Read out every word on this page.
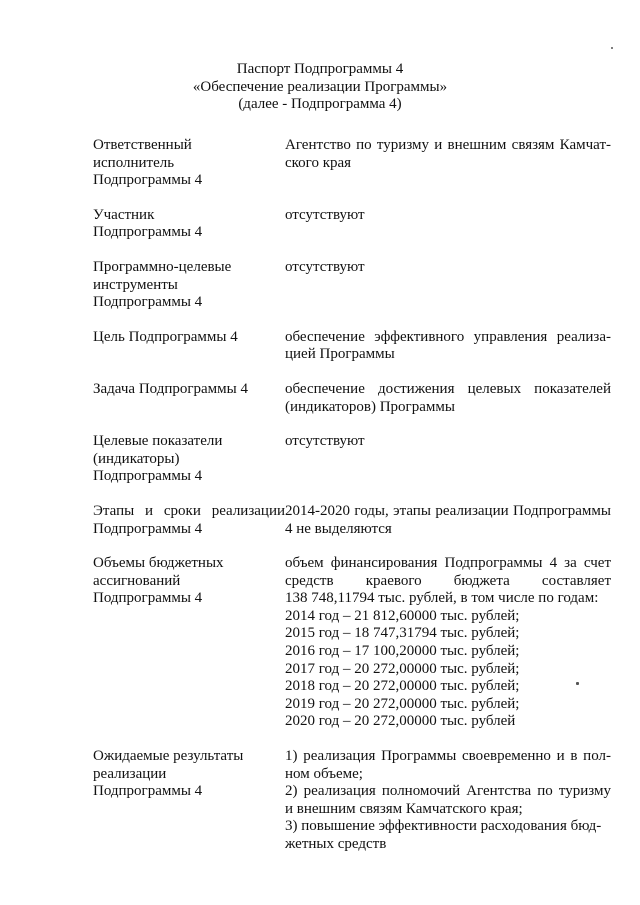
Паспорт Подпрограммы 4
«Обеспечение реализации Программы»
(далее - Подпрограмма 4)
Ответственный
исполнитель
Подпрограммы 4
Агентство по туризму и внешним связям Камчат-
ского края
Участник
Подпрограммы 4
отсутствуют
Программно-целевые
инструменты
Подпрограммы 4
отсутствуют
Цель Подпрограммы 4	обеспечение эффективного управления реализа-
цией Программы
Задача Подпрограммы 4	обеспечение достижения целевых показателей
(индикаторов) Программы
Целевые показатели
(индикаторы)
Подпрограммы 4
отсутствуют
Этапы и сроки реализации
Подпрограммы 4
2014-2020 годы, этапы реализации Подпрограммы
4 не выделяются
Объемы бюджетных
ассигнований
Подпрограммы 4
объем финансирования Подпрограммы 4 за счет
средств краевого бюджета составляет
138 748,11794 тыс. рублей, в том числе по годам:
2014 год – 21 812,60000 тыс. рублей;
2015 год – 18 747,31794 тыс. рублей;
2016 год – 17 100,20000 тыс. рублей;
2017 год – 20 272,00000 тыс. рублей;
2018 год – 20 272,00000 тыс. рублей;
2019 год – 20 272,00000 тыс. рублей;
2020 год – 20 272,00000 тыс. рублей
Ожидаемые результаты
реализации
Подпрограммы 4
1) реализация Программы своевременно и в пол-
ном объеме;
2) реализация полномочий Агентства по туризму
и внешним связям Камчатского края;
3) повышение эффективности расходования бюд-
жетных средств
